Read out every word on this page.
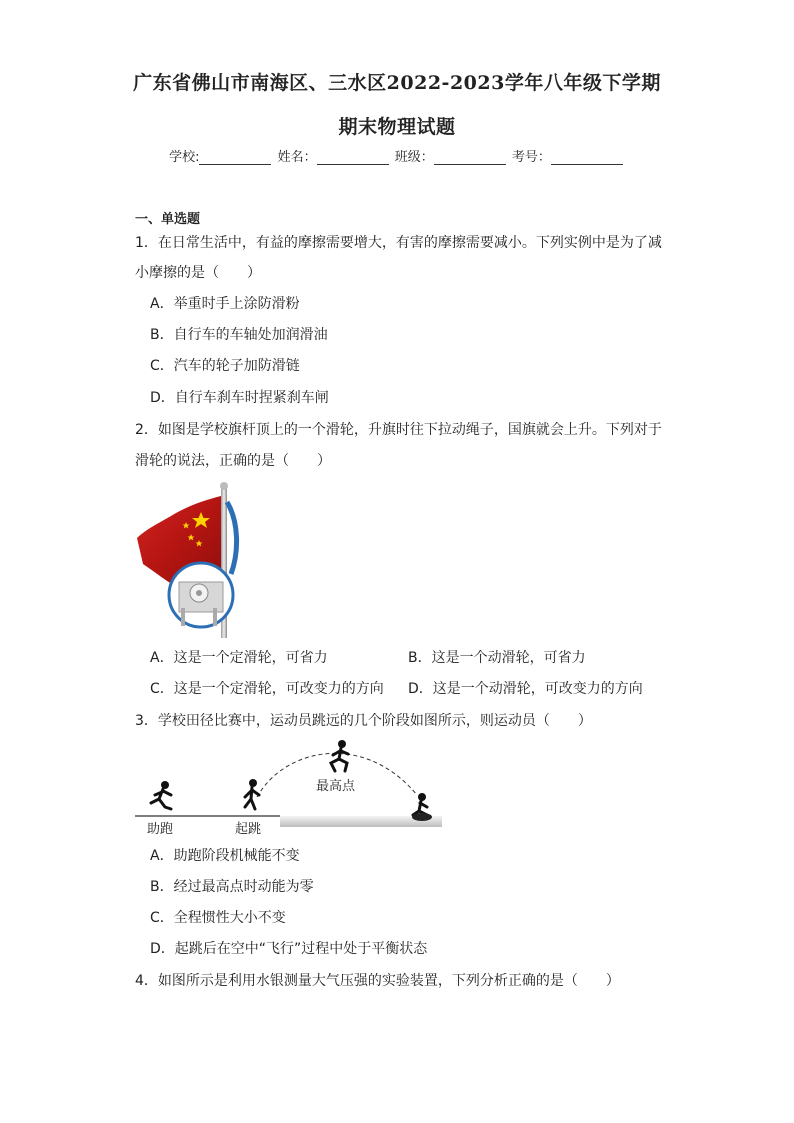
广东省佛山市南海区、三水区2022-2023学年八年级下学期
期末物理试题
学校:	姓名：	班级：	考号：
一、单选题
1．在日常生活中，有益的摩擦需要增大，有害的摩擦需要减小。下列实例中是为了减
小摩擦的是（　　）
A．举重时手上涂防滑粉
B．自行车的车轴处加润滑油
C．汽车的轮子加防滑链
D．自行车刹车时捏紧刹车闸
2．如图是学校旗杆顶上的一个滑轮，升旗时往下拉动绳子，国旗就会上升。下列对于
滑轮的说法，正确的是（　　）
A．这是一个定滑轮，可省力	B．这是一个动滑轮，可省力
C．这是一个定滑轮，可改变力的方向 D．这是一个动滑轮，可改变力的方向
3．学校田径比赛中，运动员跳远的几个阶段如图所示，则运动员（　　）
助跑	起跳
最高点
A．助跑阶段机械能不变
B．经过最高点时动能为零
C．全程惯性大小不变
D．起跳后在空中“飞行”过程中处于平衡状态
4．如图所示是利用水银测量大气压强的实验装置，下列分析正确的是（　　）
